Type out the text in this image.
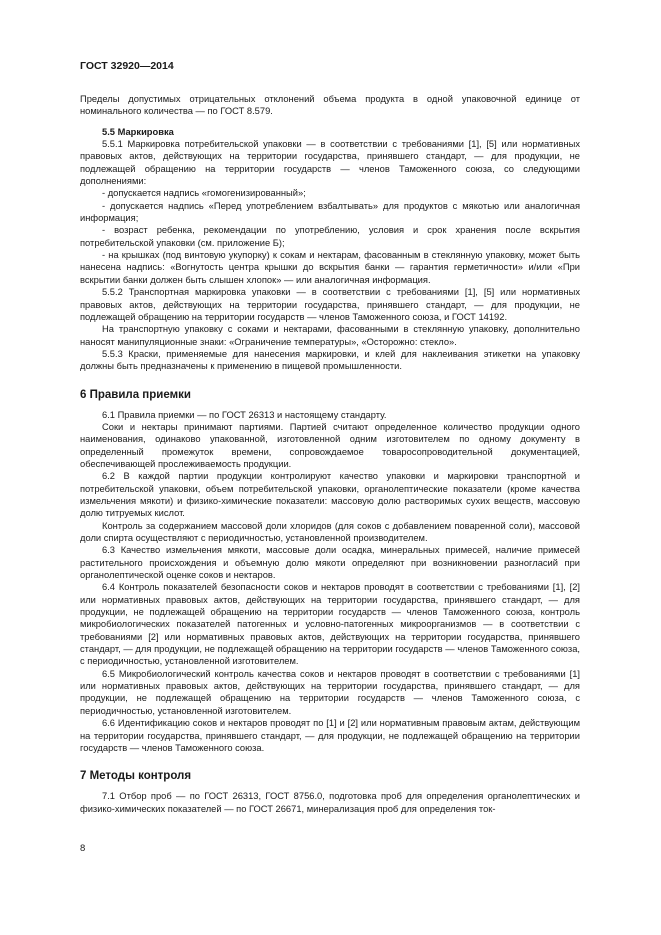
ГОСТ 32920—2014

Пределы допустимых отрицательных отклонений объема продукта в одной упаковочной единице от номинального количества — по ГОСТ 8.579.

5.5 Маркировка

5.5.1 Маркировка потребительской упаковки — в соответствии с требованиями [1], [5] или нормативных правовых актов, действующих на территории государства, принявшего стандарт, — для продукции, не подлежащей обращению на территории государств — членов Таможенного союза, со следующими дополнениями:

- допускается надпись «гомогенизированный»;

- допускается надпись «Перед употреблением взбалтывать» для продуктов с мякотью или аналогичная информация;

- возраст ребенка, рекомендации по употреблению, условия и срок хранения после вскрытия потребительской упаковки (см. приложение Б);

- на крышках (под винтовую укупорку) к сокам и нектарам, фасованным в стеклянную упаковку, может быть нанесена надпись: «Вогнутость центра крышки до вскрытия банки — гарантия герметичности» и/или «При вскрытии банки должен быть слышен хлопок» — или аналогичная информация.

5.5.2 Транспортная маркировка упаковки — в соответствии с требованиями [1], [5] или нормативных правовых актов, действующих на территории государства, принявшего стандарт, — для продукции, не подлежащей обращению на территории государств — членов Таможенного союза, и ГОСТ 14192.

На транспортную упаковку с соками и нектарами, фасованными в стеклянную упаковку, дополнительно наносят манипуляционные знаки: «Ограничение температуры», «Осторожно: стекло».

5.5.3 Краски, применяемые для нанесения маркировки, и клей для наклеивания этикетки на упаковку должны быть предназначены к применению в пищевой промышленности.

6 Правила приемки

6.1 Правила приемки — по ГОСТ 26313 и настоящему стандарту.

Соки и нектары принимают партиями. Партией считают определенное количество продукции одного наименования, одинаково упакованной, изготовленной одним изготовителем по одному документу в определенный промежуток времени, сопровождаемое товаросопроводительной документацией, обеспечивающей прослеживаемость продукции.

6.2 В каждой партии продукции контролируют качество упаковки и маркировки транспортной и потребительской упаковки, объем потребительской упаковки, органолептические показатели (кроме качества измельчения мякоти) и физико-химические показатели: массовую долю растворимых сухих веществ, массовую долю титруемых кислот.

Контроль за содержанием массовой доли хлоридов (для соков с добавлением поваренной соли), массовой доли спирта осуществляют с периодичностью, установленной производителем.

6.3 Качество измельчения мякоти, массовые доли осадка, минеральных примесей, наличие примесей растительного происхождения и объемную долю мякоти определяют при возникновении разногласий при органолептической оценке соков и нектаров.

6.4 Контроль показателей безопасности соков и нектаров проводят в соответствии с требованиями [1], [2] или нормативных правовых актов, действующих на территории государства, принявшего стандарт, — для продукции, не подлежащей обращению на территории государств — членов Таможенного союза, контроль микробиологических показателей патогенных и условно-патогенных микроорганизмов — в соответствии с требованиями [2] или нормативных правовых актов, действующих на территории государства, принявшего стандарт, — для продукции, не подлежащей обращению на территории государств — членов Таможенного союза, с периодичностью, установленной изготовителем.

6.5 Микробиологический контроль качества соков и нектаров проводят в соответствии с требованиями [1] или нормативных правовых актов, действующих на территории государства, принявшего стандарт, — для продукции, не подлежащей обращению на территории государств — членов Таможенного союза, с периодичностью, установленной изготовителем.

6.6 Идентификацию соков и нектаров проводят по [1] и [2] или нормативным правовым актам, действующим на территории государства, принявшего стандарт, — для продукции, не подлежащей обращению на территории государств — членов Таможенного союза.

7 Методы контроля

7.1 Отбор проб — по ГОСТ 26313, ГОСТ 8756.0, подготовка проб для определения органолептических и физико-химических показателей — по ГОСТ 26671, минерализация проб для определения ток-

8
